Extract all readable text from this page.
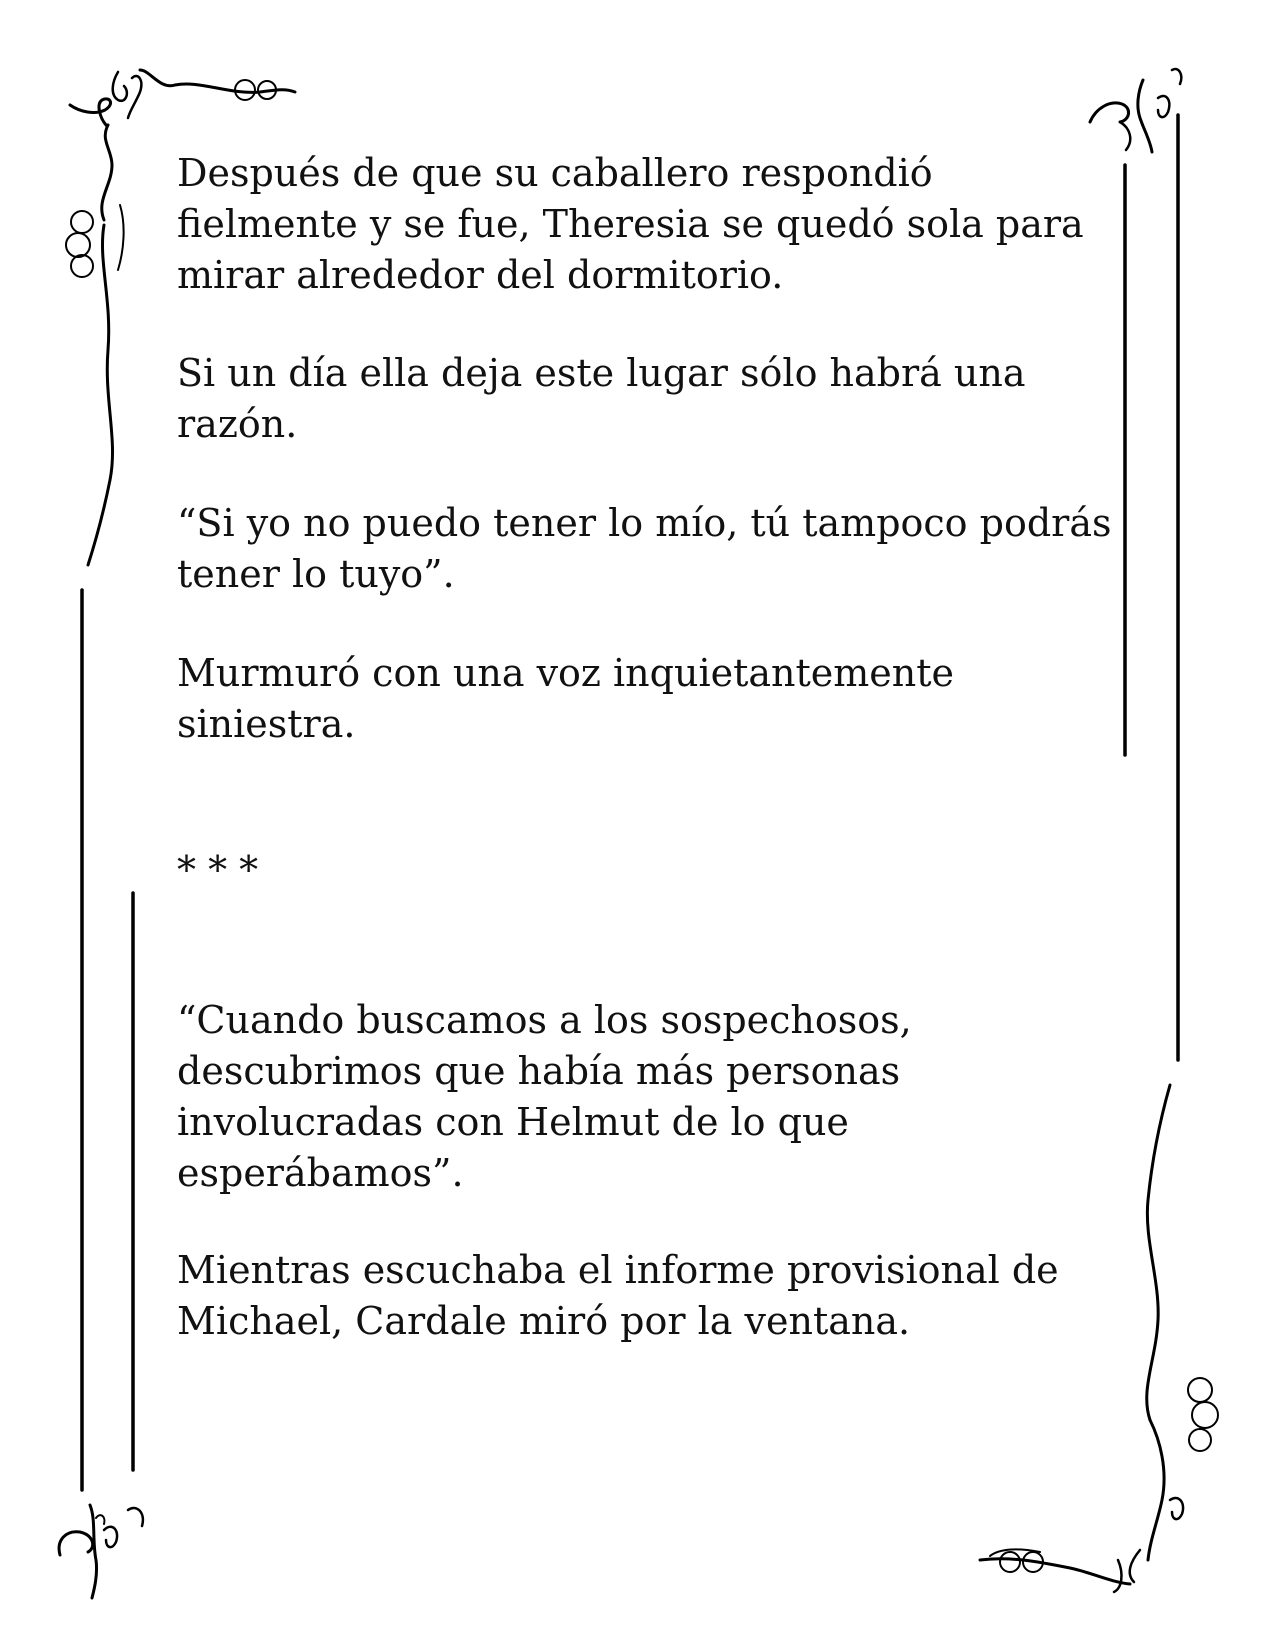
Después de que su caballero respondió
fielmente y se fue, Theresia se quedó sola para
mirar alrededor del dormitorio.
Si un día ella deja este lugar sólo habrá una
razón.
“Si yo no puedo tener lo mío, tú tampoco podrás
tener lo tuyo”.
Murmuró con una voz inquietantemente
siniestra.
* * *
“Cuando buscamos a los sospechosos,
descubrimos que había más personas
involucradas con Helmut de lo que
esperábamos”.
Mientras escuchaba el informe provisional de
Michael, Cardale miró por la ventana.
